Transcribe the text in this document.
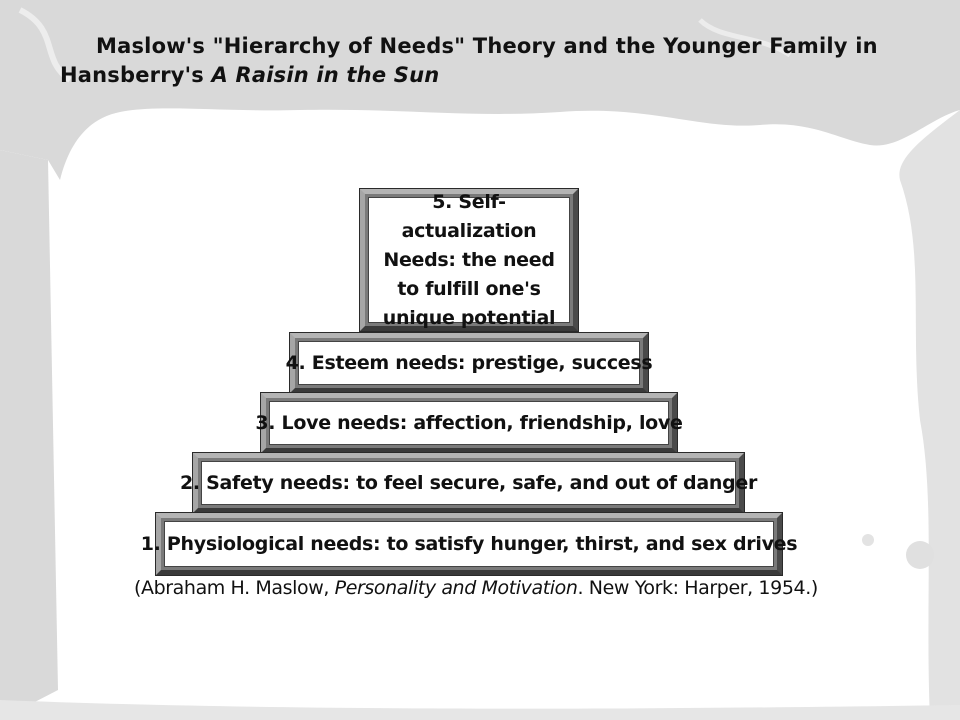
Maslow's "Hierarchy of Needs" Theory and the Younger Family in Hansberry's A Raisin in the Sun
5. Self-actualization Needs: the need to fulfill one's unique potential
4. Esteem needs: prestige, success
3. Love needs: affection, friendship, love
2. Safety needs: to feel secure, safe, and out of danger
1. Physiological needs: to satisfy hunger, thirst, and sex drives
(Abraham H. Maslow, Personality and Motivation. New York: Harper, 1954.)
